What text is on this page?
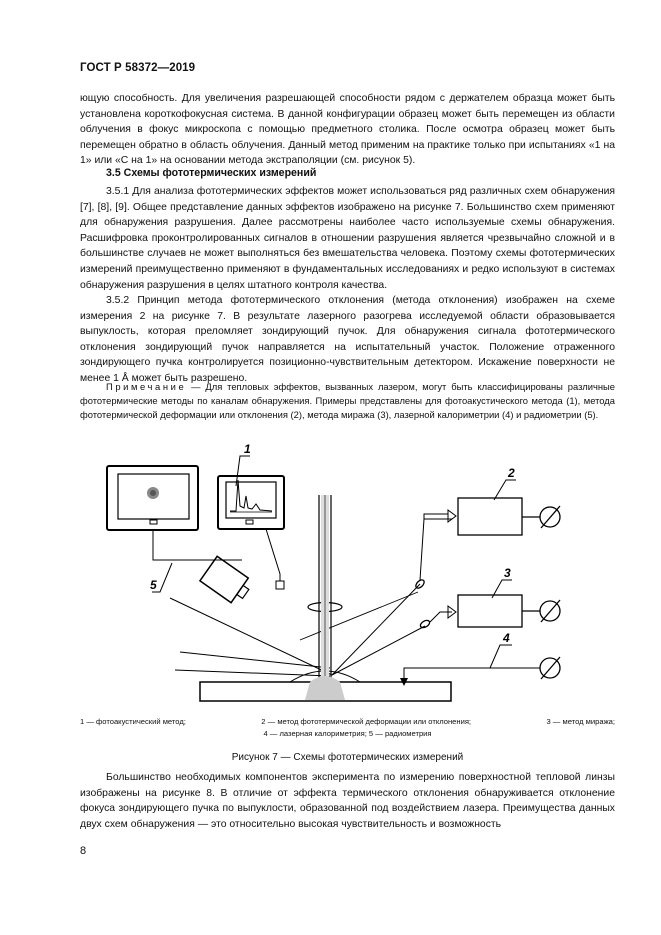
ГОСТ Р 58372—2019
ющую способность. Для увеличения разрешающей способности рядом с держателем образца может быть установлена короткофокусная система. В данной конфигурации образец может быть перемещен из области облучения в фокус микроскопа с помощью предметного столика. После осмотра образец может быть перемещен обратно в область облучения. Данный метод применим на практике только при испытаниях «1 на 1» или «С на 1» на основании метода экстраполяции (см. рисунок 5).
3.5 Схемы фототермических измерений
3.5.1 Для анализа фототермических эффектов может использоваться ряд различных схем обнаружения [7], [8], [9]. Общее представление данных эффектов изображено на рисунке 7. Большинство схем применяют для обнаружения разрушения. Далее рассмотрены наиболее часто используемые схемы обнаружения. Расшифровка проконтролированных сигналов в отношении разрушения является чрезвычайно сложной и в большинстве случаев не может выполняться без вмешательства человека. Поэтому схемы фототермических измерений преимущественно применяют в фундаментальных исследованиях и редко используют в системах обнаружения разрушения в целях штатного контроля качества.
3.5.2 Принцип метода фототермического отклонения (метода отклонения) изображен на схеме измерения 2 на рисунке 7. В результате лазерного разогрева исследуемой области образовывается выпуклость, которая преломляет зондирующий пучок. Для обнаружения сигнала фототермического отклонения зондирующий пучок направляется на испытательный участок. Положение отраженного зондирующего пучка контролируется позиционно-чувствительным детектором. Искажение поверхности не менее 1 Å может быть разрешено.
Примечание — Для тепловых эффектов, вызванных лазером, могут быть классифицированы различные фототермические методы по каналам обнаружения. Примеры представлены для фотоакустического метода (1), метода фототермической деформации или отклонения (2), метода миража (3), лазерной калориметрии (4) и радиометрии (5).
1
2
3
4
5
1 — фотоакустический метод;	2 — метод фототермической деформации или отклонения;	3 — метод миража;
4 — лазерная калориметрия; 5 — радиометрия
Рисунок 7 — Схемы фототермических измерений
Большинство необходимых компонентов эксперимента по измерению поверхностной тепловой линзы изображены на рисунке 8. В отличие от эффекта термического отклонения обнаруживается отклонение фокуса зондирующего пучка по выпуклости, образованной под воздействием лазера. Преимущества данных двух схем обнаружения — это относительно высокая чувствительность и возможность
8
